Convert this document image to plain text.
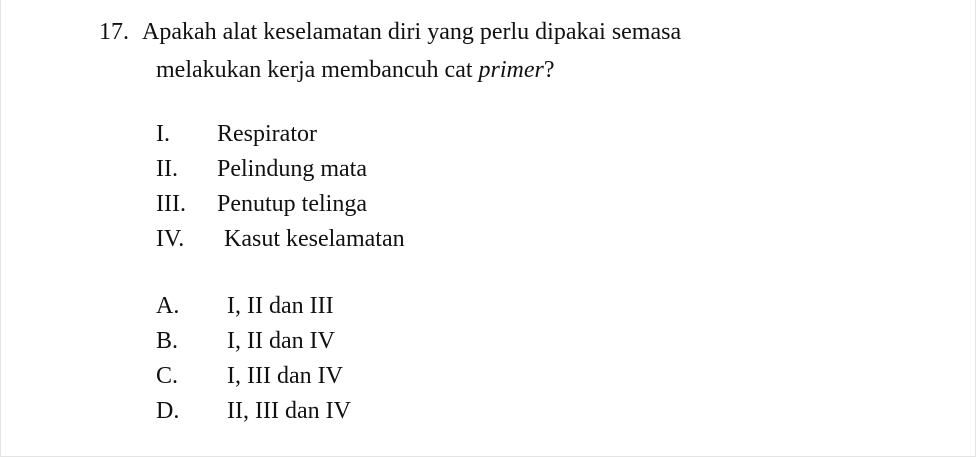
17. Apakah alat keselamatan diri yang perlu dipakai semasa
melakukan kerja membancuh cat primer?
I. Respirator
II. Pelindung mata
III. Penutup telinga
IV. Kasut keselamatan
A. I, II dan III
B. I, II dan IV
C. I, III dan IV
D. II, III dan IV
